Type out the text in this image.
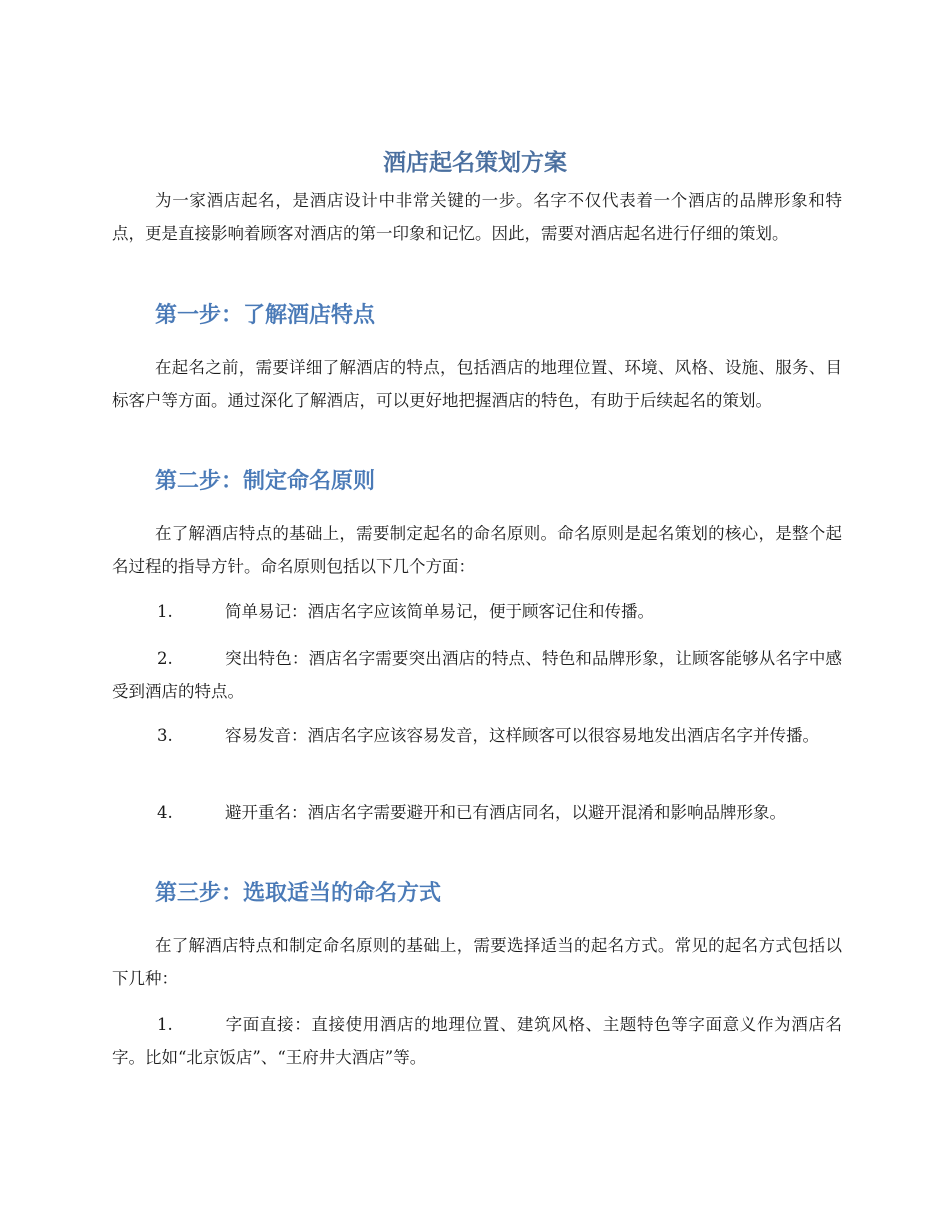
酒店起名策划方案
为一家酒店起名，是酒店设计中非常关键的一步。名字不仅代表着一个酒店的品牌形象和特点，更是直接影响着顾客对酒店的第一印象和记忆。因此，需要对酒店起名进行仔细的策划。
第一步：了解酒店特点
在起名之前，需要详细了解酒店的特点，包括酒店的地理位置、环境、风格、设施、服务、目标客户等方面。通过深化了解酒店，可以更好地把握酒店的特色，有助于后续起名的策划。
第二步：制定命名原则
在了解酒店特点的基础上，需要制定起名的命名原则。命名原则是起名策划的核心，是整个起名过程的指导方针。命名原则包括以下几个方面：
1.	简单易记：酒店名字应该简单易记，便于顾客记住和传播。
2.	突出特色：酒店名字需要突出酒店的特点、特色和品牌形象，让顾客能够从名字中感受到酒店的特点。
3.	容易发音：酒店名字应该容易发音，这样顾客可以很容易地发出酒店名字并传播。
4.	避开重名：酒店名字需要避开和已有酒店同名，以避开混淆和影响品牌形象。
第三步：选取适当的命名方式
在了解酒店特点和制定命名原则的基础上，需要选择适当的起名方式。常见的起名方式包括以下几种：
1.	字面直接：直接使用酒店的地理位置、建筑风格、主题特色等字面意义作为酒店名字。比如“北京饭店”、“王府井大酒店”等。
